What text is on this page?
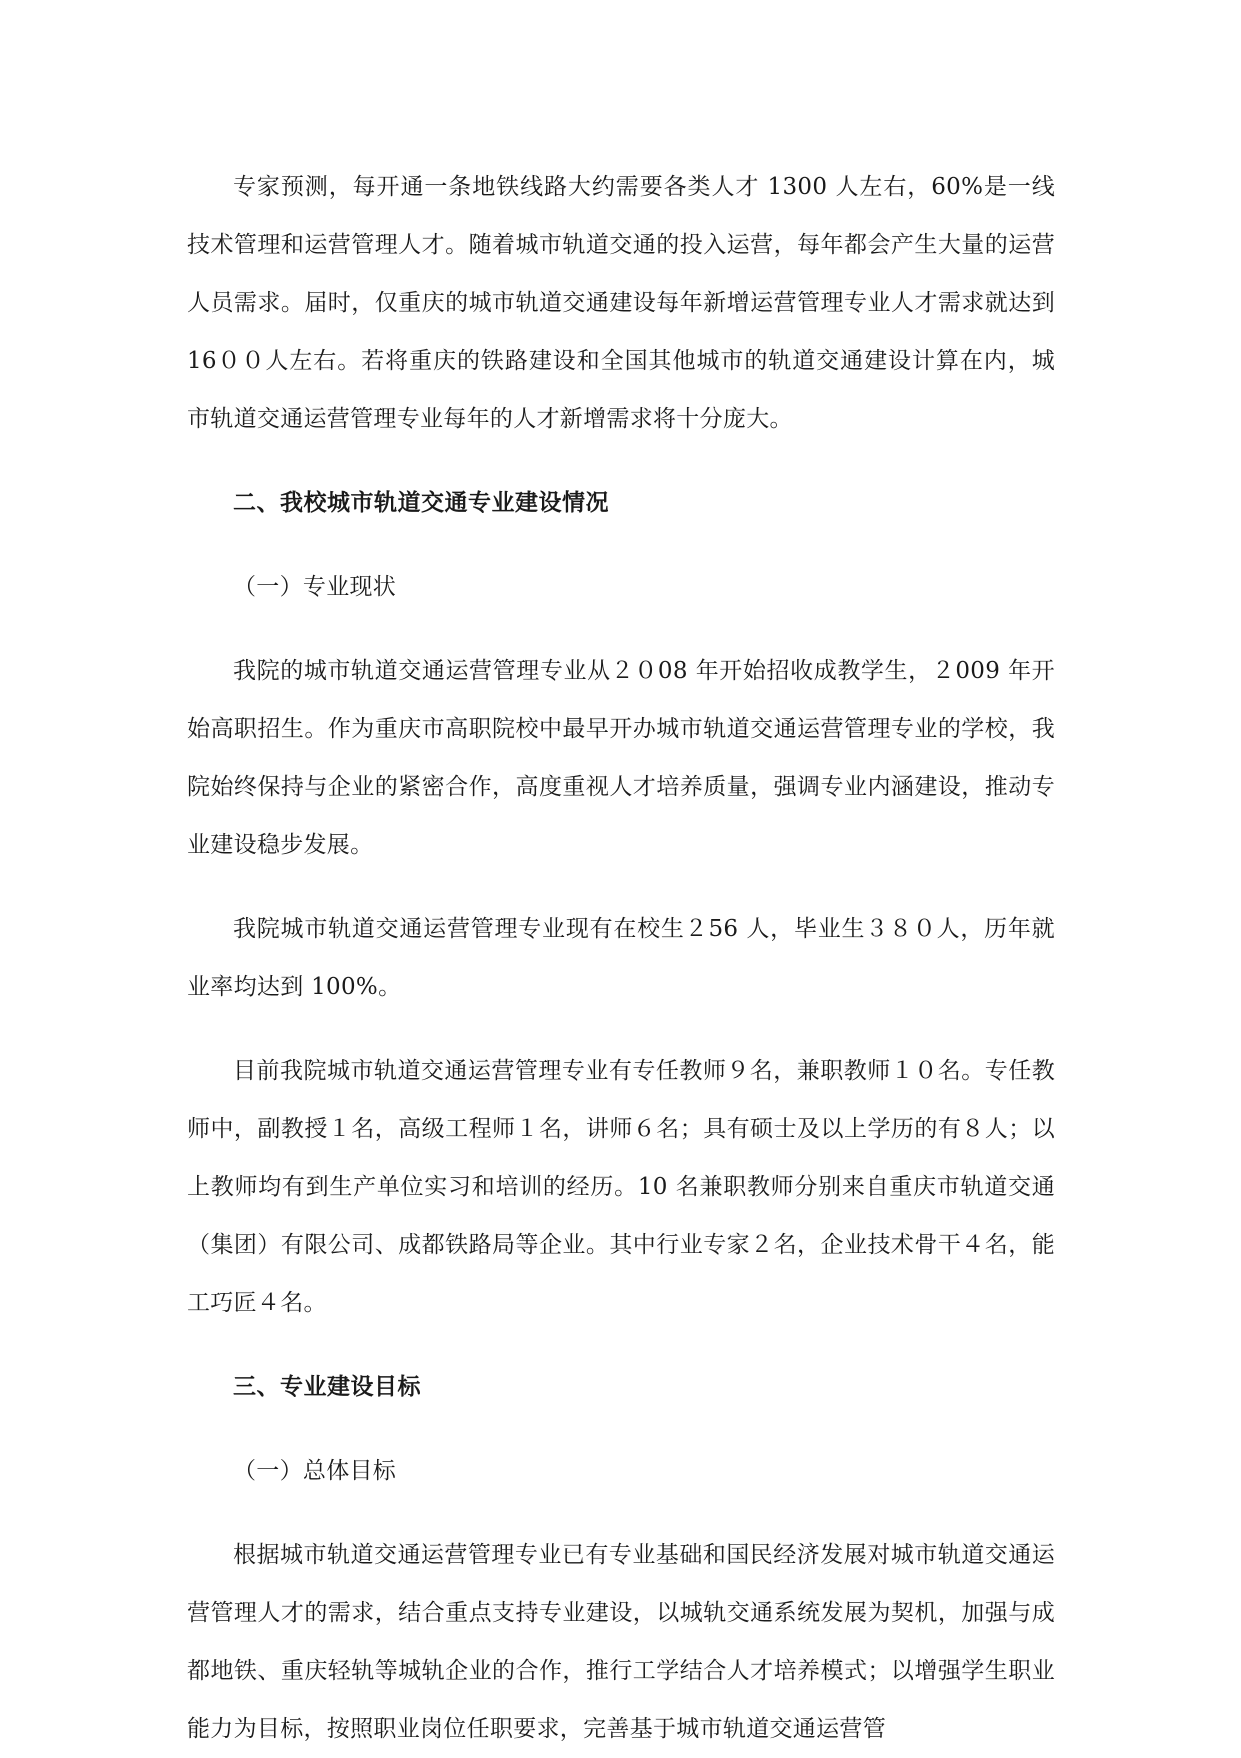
专家预测，每开通一条地铁线路大约需要各类人才 1300 人左右，60%是一线技术管理和运营管理人才。随着城市轨道交通的投入运营，每年都会产生大量的运营人员需求。届时，仅重庆的城市轨道交通建设每年新增运营管理专业人才需求就达到 16００人左右。若将重庆的铁路建设和全国其他城市的轨道交通建设计算在内，城市轨道交通运营管理专业每年的人才新增需求将十分庞大。

二、我校城市轨道交通专业建设情况

（一）专业现状

我院的城市轨道交通运营管理专业从２０08 年开始招收成教学生，２009 年开始高职招生。作为重庆市高职院校中最早开办城市轨道交通运营管理专业的学校，我院始终保持与企业的紧密合作，高度重视人才培养质量，强调专业内涵建设，推动专业建设稳步发展。

我院城市轨道交通运营管理专业现有在校生２56 人，毕业生３８０人，历年就业率均达到 100%。

目前我院城市轨道交通运营管理专业有专任教师９名，兼职教师１０名。专任教师中，副教授１名，高级工程师１名，讲师６名；具有硕士及以上学历的有８人；以上教师均有到生产单位实习和培训的经历。10 名兼职教师分别来自重庆市轨道交通（集团）有限公司、成都铁路局等企业。其中行业专家２名，企业技术骨干４名，能工巧匠４名。

三、专业建设目标

（一）总体目标

根据城市轨道交通运营管理专业已有专业基础和国民经济发展对城市轨道交通运营管理人才的需求，结合重点支持专业建设，以城轨交通系统发展为契机，加强与成都地铁、重庆轻轨等城轨企业的合作，推行工学结合人才培养模式；以增强学生职业能力为目标，按照职业岗位任职要求，完善基于城市轨道交通运营管
